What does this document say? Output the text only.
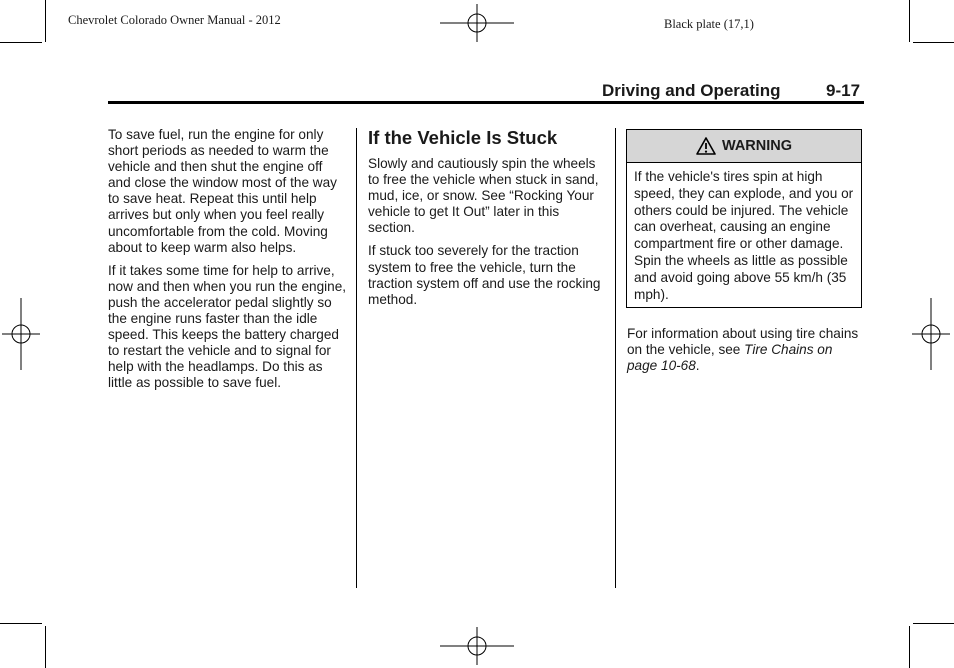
Chevrolet Colorado Owner Manual - 2012	Black plate (17,1)
Driving and Operating	9-17

To save fuel, run the engine for only short periods as needed to warm the vehicle and then shut the engine off and close the window most of the way to save heat. Repeat this until help arrives but only when you feel really uncomfortable from the cold. Moving about to keep warm also helps.

If it takes some time for help to arrive, now and then when you run the engine, push the accelerator pedal slightly so the engine runs faster than the idle speed. This keeps the battery charged to restart the vehicle and to signal for help with the headlamps. Do this as little as possible to save fuel.

If the Vehicle Is Stuck

Slowly and cautiously spin the wheels to free the vehicle when stuck in sand, mud, ice, or snow. See “Rocking Your vehicle to get It Out” later in this section.

If stuck too severely for the traction system to free the vehicle, turn the traction system off and use the rocking method.

WARNING
If the vehicle's tires spin at high speed, they can explode, and you or others could be injured. The vehicle can overheat, causing an engine compartment fire or other damage. Spin the wheels as little as possible and avoid going above 55 km/h (35 mph).

For information about using tire chains on the vehicle, see Tire Chains on page 10-68.
